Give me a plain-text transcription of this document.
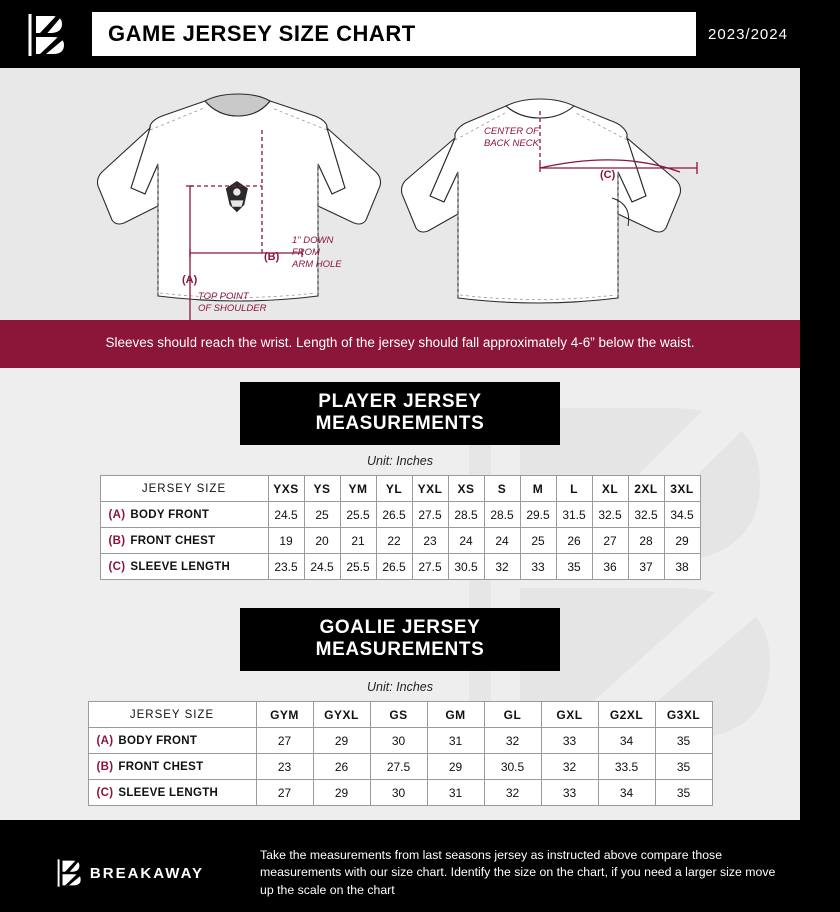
GAME JERSEY SIZE CHART	2023/2024
(B)
(A)
1" DOWN
FROM
ARM HOLE
TOP POINT
OF SHOULDER
(C)
CENTER OF
BACK NECK
Sleeves should reach the wrist. Length of the jersey should fall approximately 4-6” below the waist.
PLAYER JERSEY MEASUREMENTS
Unit: Inches
JERSEY SIZE	YXS	YS	YM	YL	YXL	XS	S	M	L	XL	2XL	3XL
(A) BODY FRONT	24.5	25	25.5	26.5	27.5	28.5	28.5	29.5	31.5	32.5	32.5	34.5
(B) FRONT CHEST	19	20	21	22	23	24	24	25	26	27	28	29
(C) SLEEVE LENGTH	23.5	24.5	25.5	26.5	27.5	30.5	32	33	35	36	37	38
GOALIE JERSEY MEASUREMENTS
Unit: Inches
JERSEY SIZE	GYM	GYXL	GS	GM	GL	GXL	G2XL	G3XL
(A) BODY FRONT	27	29	30	31	32	33	34	35
(B) FRONT CHEST	23	26	27.5	29	30.5	32	33.5	35
(C) SLEEVE LENGTH	27	29	30	31	32	33	34	35
BREAKAWAY
Take the measurements from last seasons jersey as instructed above compare those measurements with our size chart. Identify the size on the chart, if you need a larger size move up the scale on the chart
